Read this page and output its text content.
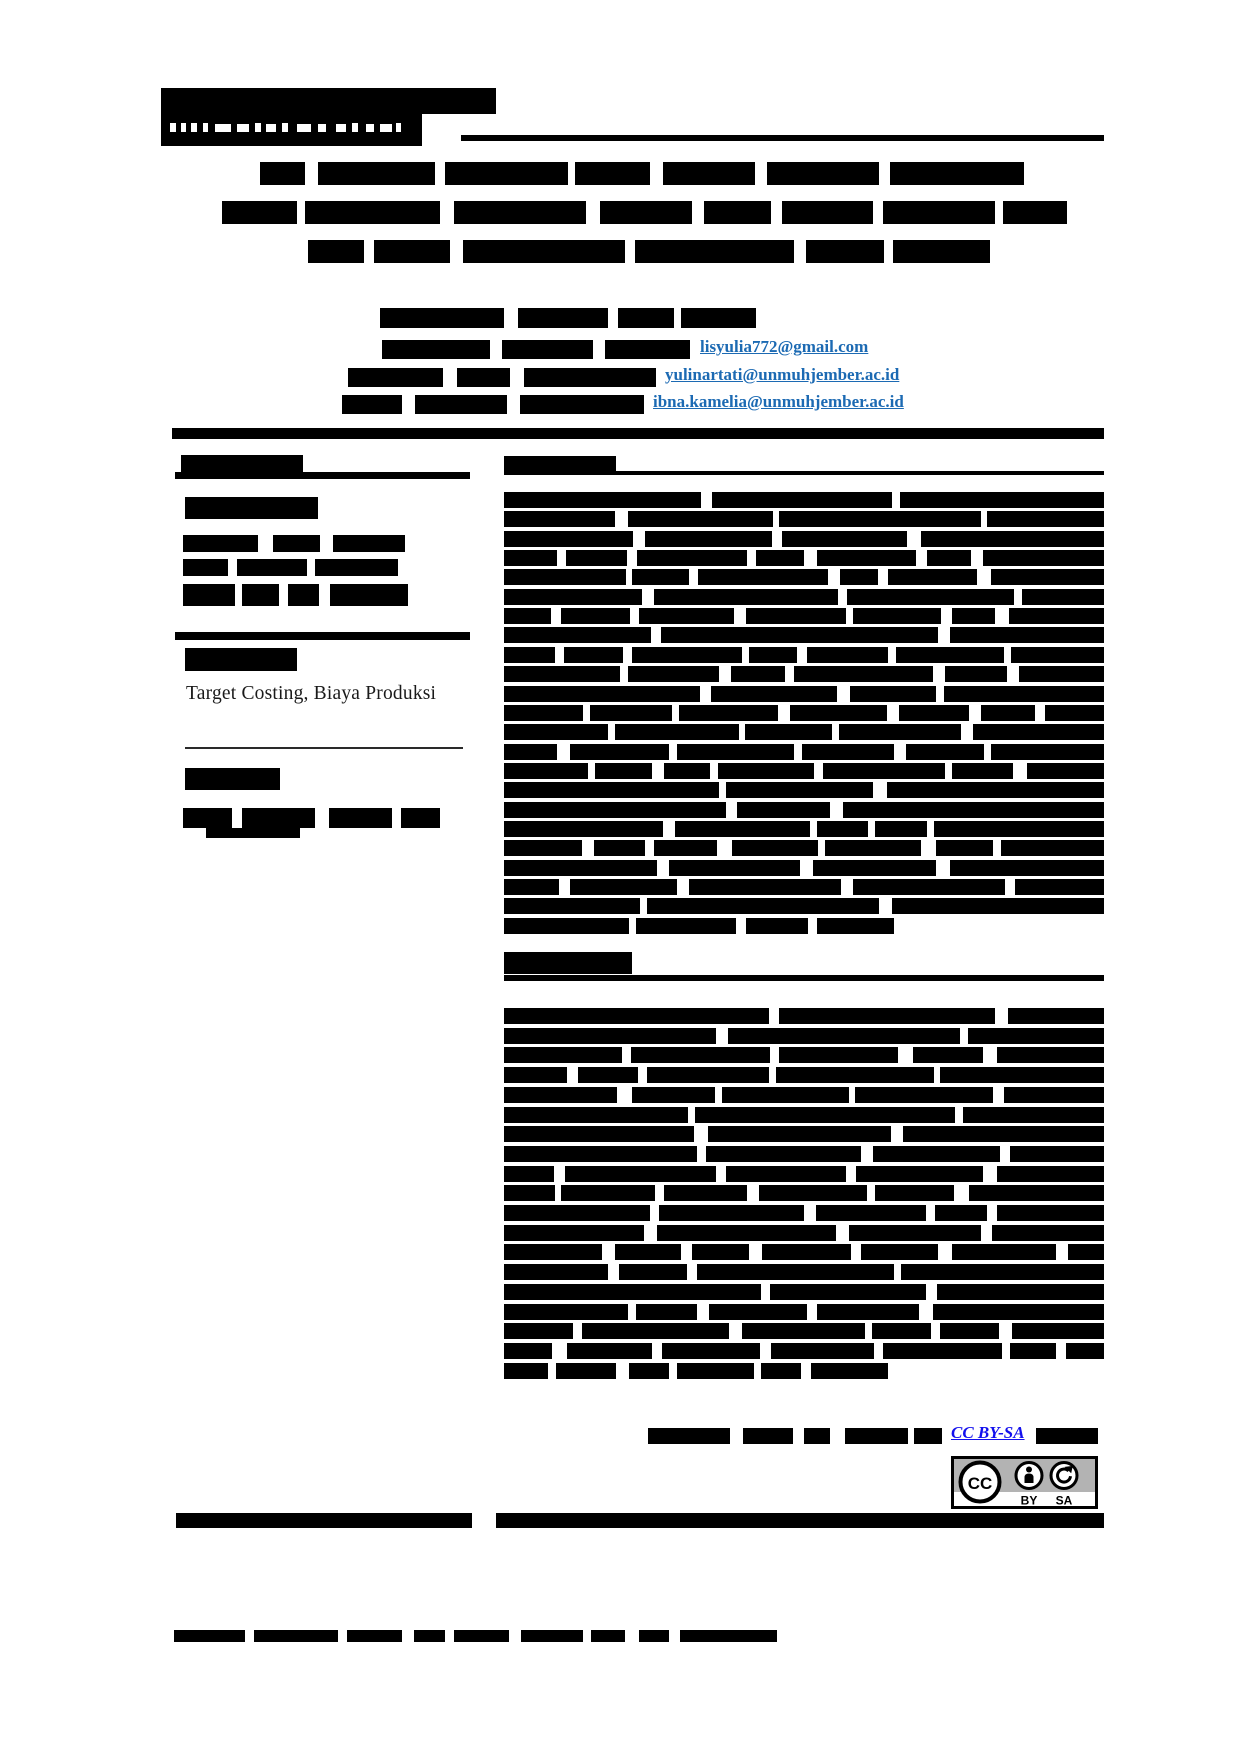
Target Costing, Biaya Produksi
lisyulia772@gmail.com
yulinartati@unmuhjember.ac.id
ibna.kamelia@unmuhjember.ac.id
CC BY-SA
CC
BY SA
